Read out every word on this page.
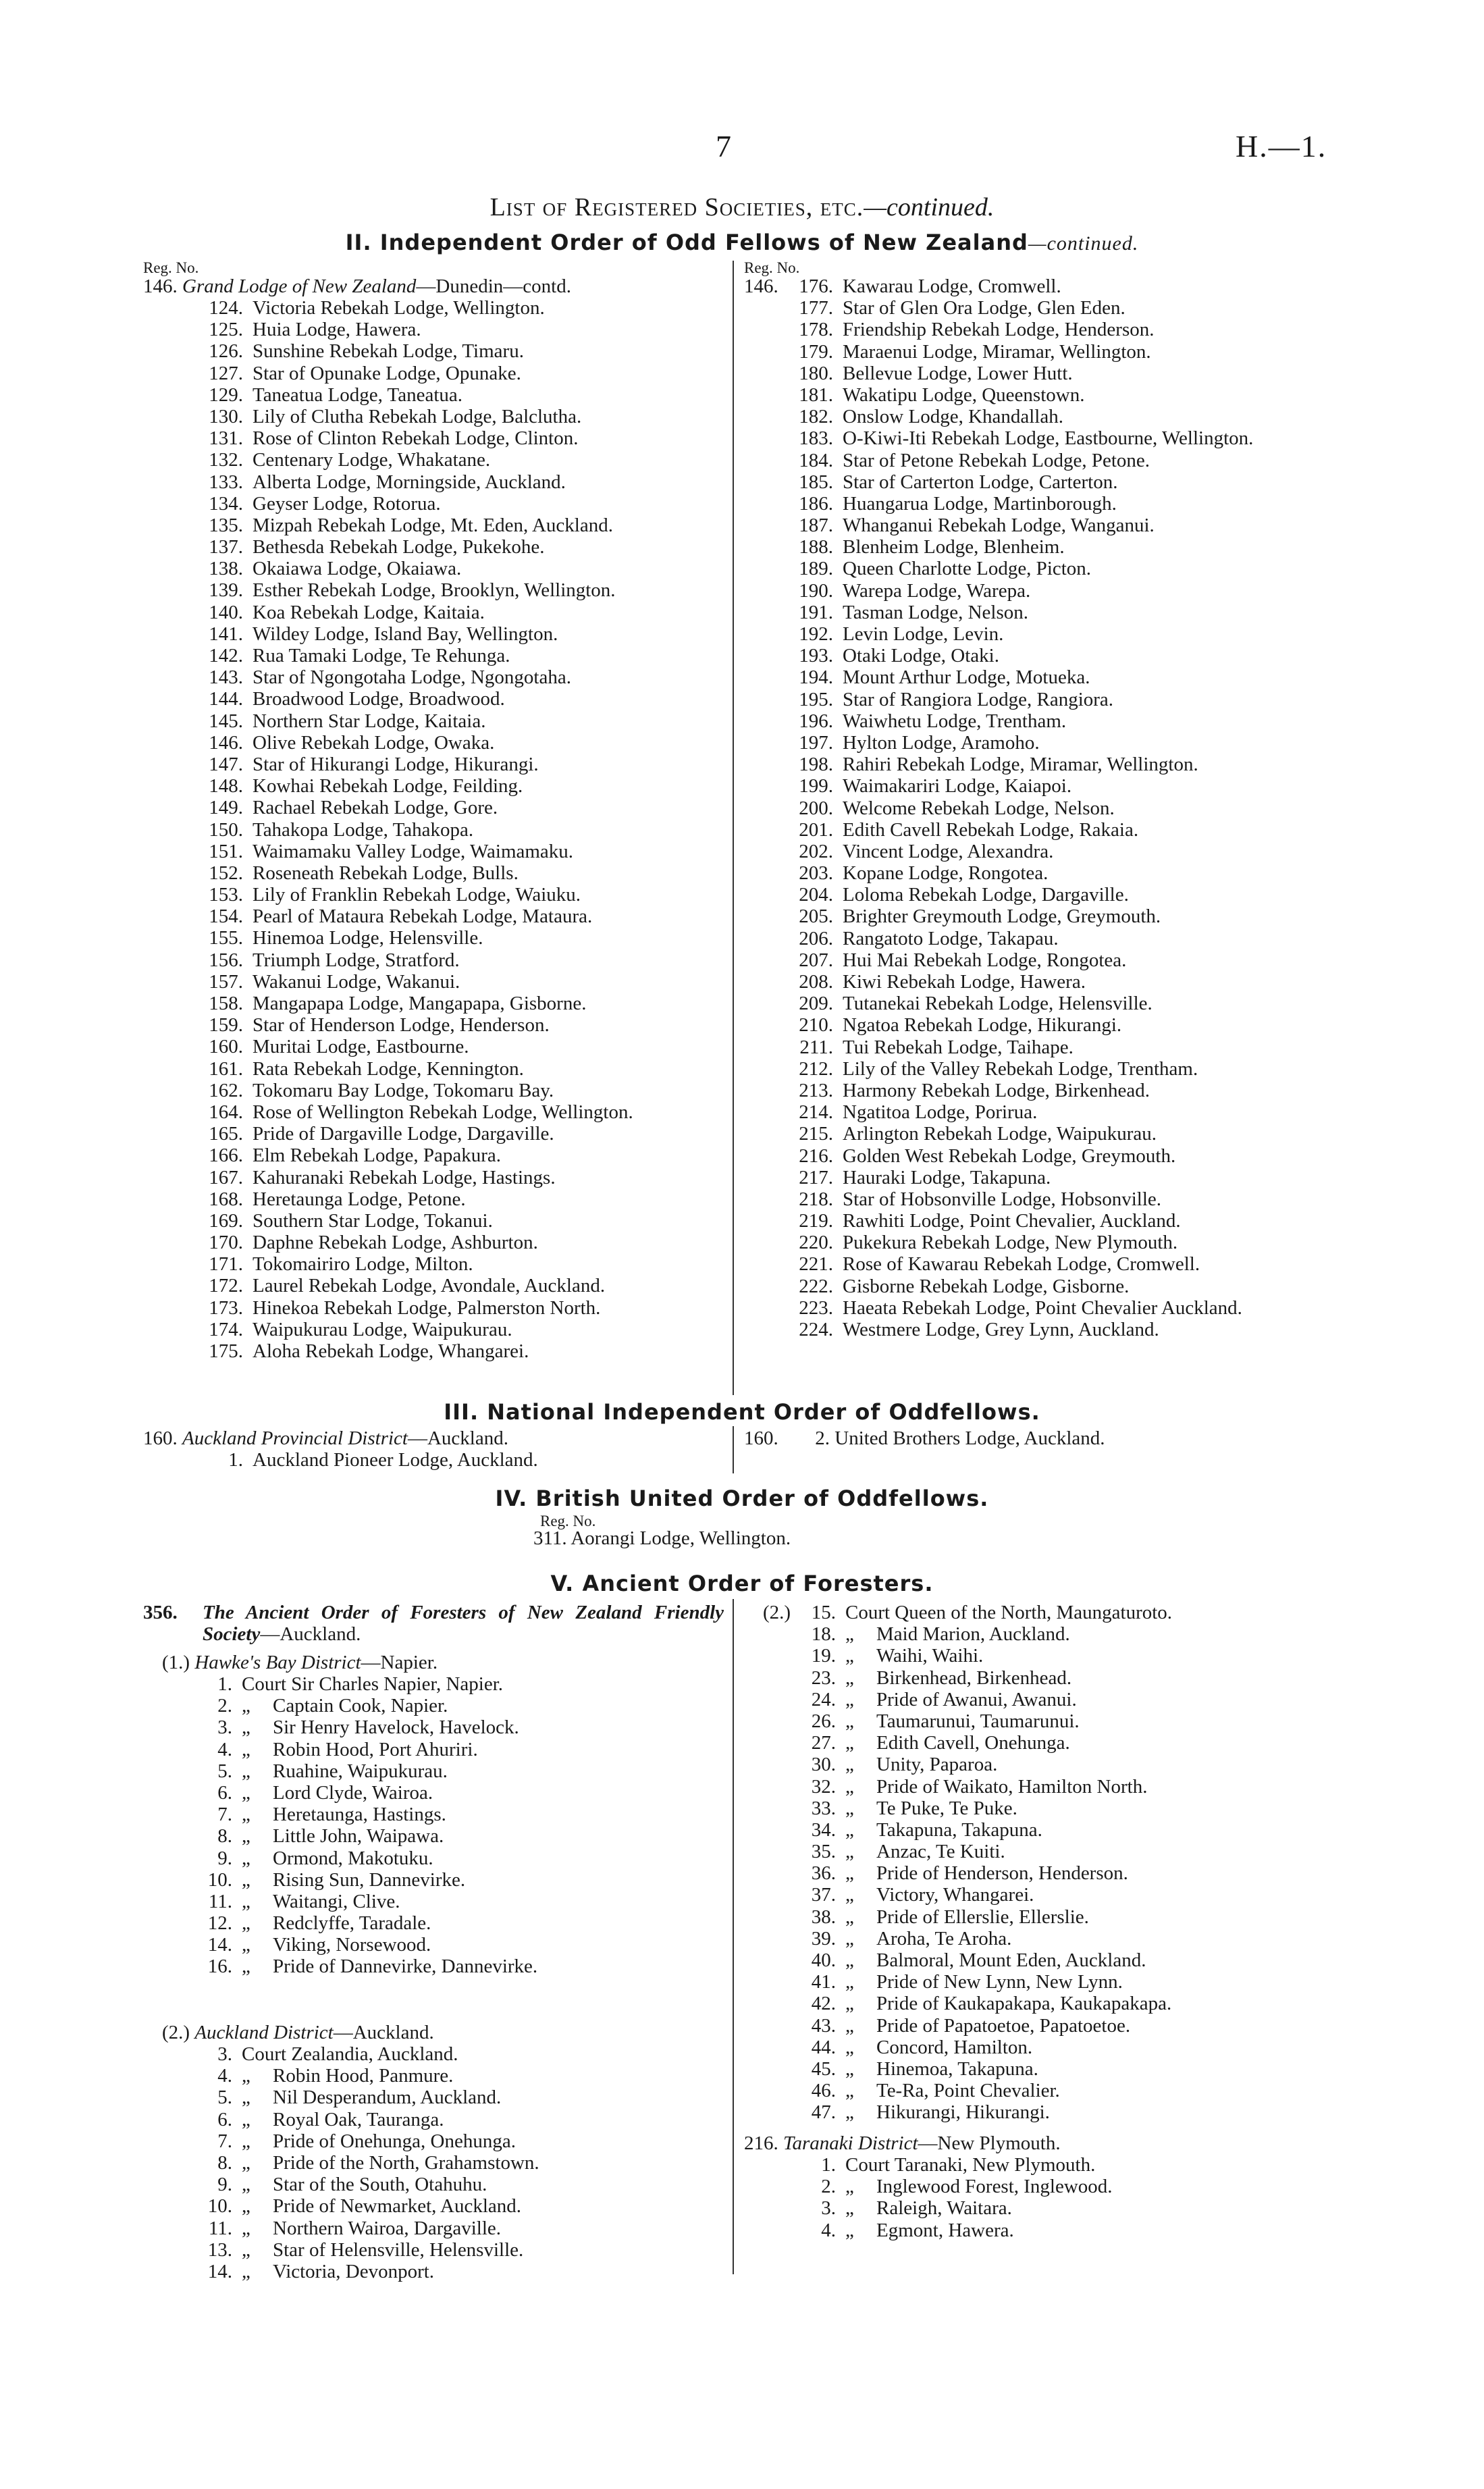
7	H.—1.
List of Registered Societies, etc.—continued.
II. Independent Order of Odd Fellows of New Zealand—continued.
Reg. No.	Reg. No.
146. Grand Lodge of New Zealand—Dunedin—contd.
124. Victoria Rebekah Lodge, Wellington.
125. Huia Lodge, Hawera.
126. Sunshine Rebekah Lodge, Timaru.
127. Star of Opunake Lodge, Opunake.
129. Taneatua Lodge, Taneatua.
130. Lily of Clutha Rebekah Lodge, Balclutha.
131. Rose of Clinton Rebekah Lodge, Clinton.
132. Centenary Lodge, Whakatane.
133. Alberta Lodge, Morningside, Auckland.
134. Geyser Lodge, Rotorua.
135. Mizpah Rebekah Lodge, Mt. Eden, Auckland.
137. Bethesda Rebekah Lodge, Pukekohe.
138. Okaiawa Lodge, Okaiawa.
139. Esther Rebekah Lodge, Brooklyn, Wellington.
140. Koa Rebekah Lodge, Kaitaia.
141. Wildey Lodge, Island Bay, Wellington.
142. Rua Tamaki Lodge, Te Rehunga.
143. Star of Ngongotaha Lodge, Ngongotaha.
144. Broadwood Lodge, Broadwood.
145. Northern Star Lodge, Kaitaia.
146. Olive Rebekah Lodge, Owaka.
147. Star of Hikurangi Lodge, Hikurangi.
148. Kowhai Rebekah Lodge, Feilding.
149. Rachael Rebekah Lodge, Gore.
150. Tahakopa Lodge, Tahakopa.
151. Waimamaku Valley Lodge, Waimamaku.
152. Roseneath Rebekah Lodge, Bulls.
153. Lily of Franklin Rebekah Lodge, Waiuku.
154. Pearl of Mataura Rebekah Lodge, Mataura.
155. Hinemoa Lodge, Helensville.
156. Triumph Lodge, Stratford.
157. Wakanui Lodge, Wakanui.
158. Mangapapa Lodge, Mangapapa, Gisborne.
159. Star of Henderson Lodge, Henderson.
160. Muritai Lodge, Eastbourne.
161. Rata Rebekah Lodge, Kennington.
162. Tokomaru Bay Lodge, Tokomaru Bay.
164. Rose of Wellington Rebekah Lodge, Wellington.
165. Pride of Dargaville Lodge, Dargaville.
166. Elm Rebekah Lodge, Papakura.
167. Kahuranaki Rebekah Lodge, Hastings.
168. Heretaunga Lodge, Petone.
169. Southern Star Lodge, Tokanui.
170. Daphne Rebekah Lodge, Ashburton.
171. Tokomairiro Lodge, Milton.
172. Laurel Rebekah Lodge, Avondale, Auckland.
173. Hinekoa Rebekah Lodge, Palmerston North.
174. Waipukurau Lodge, Waipukurau.
175. Aloha Rebekah Lodge, Whangarei.
146. 176. Kawarau Lodge, Cromwell.
177. Star of Glen Ora Lodge, Glen Eden.
178. Friendship Rebekah Lodge, Henderson.
179. Maraenui Lodge, Miramar, Wellington.
180. Bellevue Lodge, Lower Hutt.
181. Wakatipu Lodge, Queenstown.
182. Onslow Lodge, Khandallah.
183. O-Kiwi-Iti Rebekah Lodge, Eastbourne, Wellington.
184. Star of Petone Rebekah Lodge, Petone.
185. Star of Carterton Lodge, Carterton.
186. Huangarua Lodge, Martinborough.
187. Whanganui Rebekah Lodge, Wanganui.
188. Blenheim Lodge, Blenheim.
189. Queen Charlotte Lodge, Picton.
190. Warepa Lodge, Warepa.
191. Tasman Lodge, Nelson.
192. Levin Lodge, Levin.
193. Otaki Lodge, Otaki.
194. Mount Arthur Lodge, Motueka.
195. Star of Rangiora Lodge, Rangiora.
196. Waiwhetu Lodge, Trentham.
197. Hylton Lodge, Aramoho.
198. Rahiri Rebekah Lodge, Miramar, Wellington.
199. Waimakariri Lodge, Kaiapoi.
200. Welcome Rebekah Lodge, Nelson.
201. Edith Cavell Rebekah Lodge, Rakaia.
202. Vincent Lodge, Alexandra.
203. Kopane Lodge, Rongotea.
204. Loloma Rebekah Lodge, Dargaville.
205. Brighter Greymouth Lodge, Greymouth.
206. Rangatoto Lodge, Takapau.
207. Hui Mai Rebekah Lodge, Rongotea.
208. Kiwi Rebekah Lodge, Hawera.
209. Tutanekai Rebekah Lodge, Helensville.
210. Ngatoa Rebekah Lodge, Hikurangi.
211. Tui Rebekah Lodge, Taihape.
212. Lily of the Valley Rebekah Lodge, Trentham.
213. Harmony Rebekah Lodge, Birkenhead.
214. Ngatitoa Lodge, Porirua.
215. Arlington Rebekah Lodge, Waipukurau.
216. Golden West Rebekah Lodge, Greymouth.
217. Hauraki Lodge, Takapuna.
218. Star of Hobsonville Lodge, Hobsonville.
219. Rawhiti Lodge, Point Chevalier, Auckland.
220. Pukekura Rebekah Lodge, New Plymouth.
221. Rose of Kawarau Rebekah Lodge, Cromwell.
222. Gisborne Rebekah Lodge, Gisborne.
223. Haeata Rebekah Lodge, Point Chevalier Auckland.
224. Westmere Lodge, Grey Lynn, Auckland.
III. National Independent Order of Oddfellows.
160. Auckland Provincial District—Auckland.
1. Auckland Pioneer Lodge, Auckland.
160. 2. United Brothers Lodge, Auckland.
IV. British United Order of Oddfellows.
Reg. No.
311. Aorangi Lodge, Wellington.
V. Ancient Order of Foresters.
356. The Ancient Order of Foresters of New Zealand Friendly Society—Auckland.
(1.) Hawke's Bay District—Napier.
1. Court Sir Charles Napier, Napier.
2. „ Captain Cook, Napier.
3. „ Sir Henry Havelock, Havelock.
4. „ Robin Hood, Port Ahuriri.
5. „ Ruahine, Waipukurau.
6. „ Lord Clyde, Wairoa.
7. „ Heretaunga, Hastings.
8. „ Little John, Waipawa.
9. „ Ormond, Makotuku.
10. „ Rising Sun, Dannevirke.
11. „ Waitangi, Clive.
12. „ Redclyffe, Taradale.
14. „ Viking, Norsewood.
16. „ Pride of Dannevirke, Dannevirke.
(2.) Auckland District—Auckland.
3. Court Zealandia, Auckland.
4. „ Robin Hood, Panmure.
5. „ Nil Desperandum, Auckland.
6. „ Royal Oak, Tauranga.
7. „ Pride of Onehunga, Onehunga.
8. „ Pride of the North, Grahamstown.
9. „ Star of the South, Otahuhu.
10. „ Pride of Newmarket, Auckland.
11. „ Northern Wairoa, Dargaville.
13. „ Star of Helensville, Helensville.
14. „ Victoria, Devonport.
(2.) 15. Court Queen of the North, Maungaturoto.
18. „ Maid Marion, Auckland.
19. „ Waihi, Waihi.
23. „ Birkenhead, Birkenhead.
24. „ Pride of Awanui, Awanui.
26. „ Taumarunui, Taumarunui.
27. „ Edith Cavell, Onehunga.
30. „ Unity, Paparoa.
32. „ Pride of Waikato, Hamilton North.
33. „ Te Puke, Te Puke.
34. „ Takapuna, Takapuna.
35. „ Anzac, Te Kuiti.
36. „ Pride of Henderson, Henderson.
37. „ Victory, Whangarei.
38. „ Pride of Ellerslie, Ellerslie.
39. „ Aroha, Te Aroha.
40. „ Balmoral, Mount Eden, Auckland.
41. „ Pride of New Lynn, New Lynn.
42. „ Pride of Kaukapakapa, Kaukapakapa.
43. „ Pride of Papatoetoe, Papatoetoe.
44. „ Concord, Hamilton.
45. „ Hinemoa, Takapuna.
46. „ Te-Ra, Point Chevalier.
47. „ Hikurangi, Hikurangi.
216. Taranaki District—New Plymouth.
1. Court Taranaki, New Plymouth.
2. „ Inglewood Forest, Inglewood.
3. „ Raleigh, Waitara.
4. „ Egmont, Hawera.
